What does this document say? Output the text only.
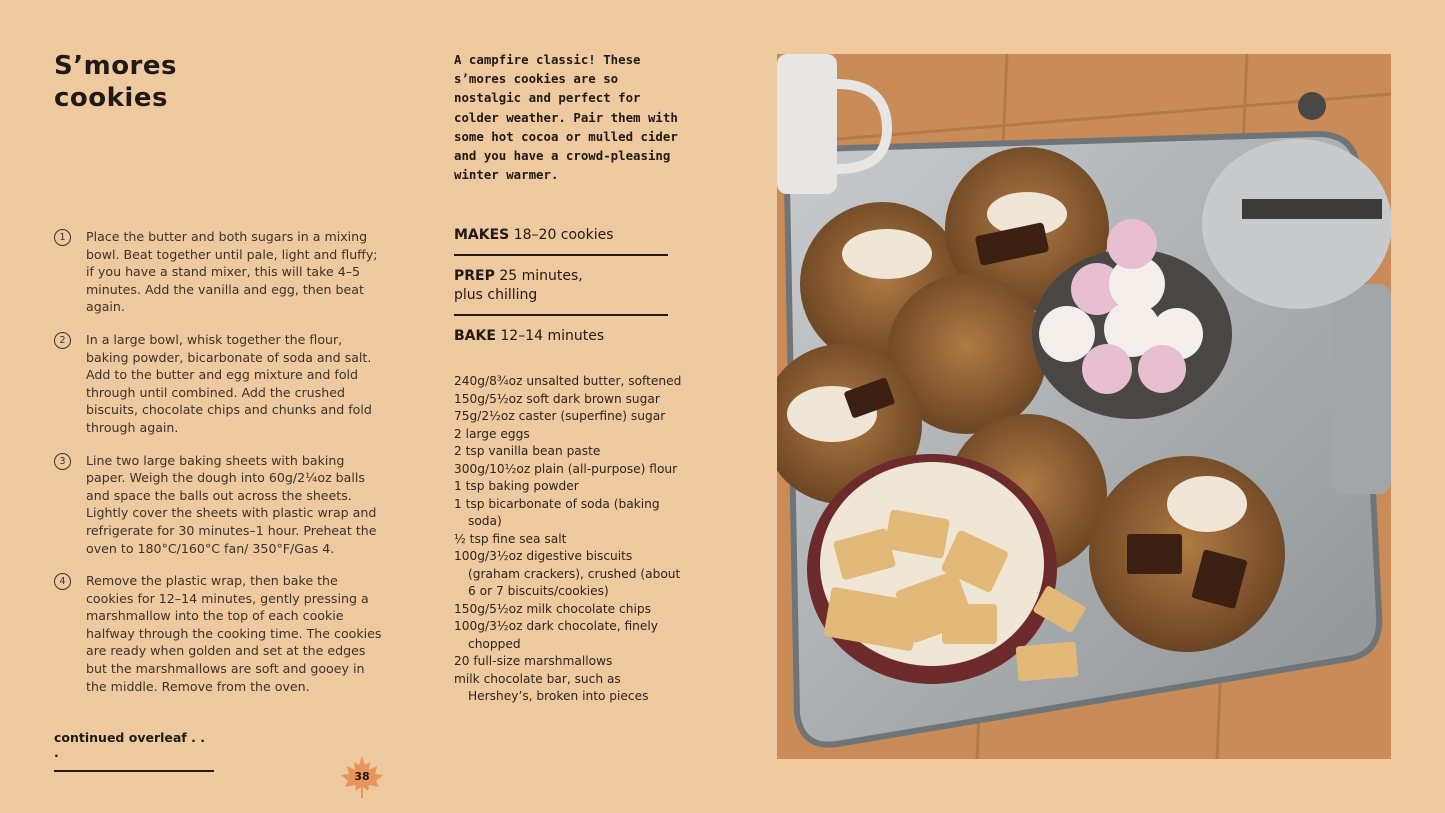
S’mores
cookies
1	Place the butter and both sugars in a mixing bowl. Beat together until pale, light and fluffy; if you have a stand mixer, this will take 4–5 minutes. Add the vanilla and egg, then beat again.
2	In a large bowl, whisk together the flour, baking powder, bicarbonate of soda and salt. Add to the butter and egg mixture and fold through until combined. Add the crushed biscuits, chocolate chips and chunks and fold through again.
3	Line two large baking sheets with baking paper. Weigh the dough into 60g/2¼oz balls and space the balls out across the sheets. Lightly cover the sheets with plastic wrap and refrigerate for 30 minutes–1 hour. Preheat the oven to 180°C/160°C fan/ 350°F/Gas 4.
4	Remove the plastic wrap, then bake the cookies for 12–14 minutes, gently pressing a marshmallow into the top of each cookie halfway through the cooking time. The cookies are ready when golden and set at the edges but the marshmallows are soft and gooey in the middle. Remove from the oven.
continued overleaf . . .
38

A campfire classic! These s’mores cookies are so nostalgic and perfect for colder weather. Pair them with some hot cocoa or mulled cider and you have a crowd-pleasing winter warmer.

MAKES 18–20 cookies
PREP 25 minutes,
plus chilling
BAKE 12–14 minutes
240g/8¾oz unsalted butter, softened
150g/5½oz soft dark brown sugar
75g/2½oz caster (superfine) sugar
2 large eggs
2 tsp vanilla bean paste
300g/10½oz plain (all-purpose) flour
1 tsp baking powder
1 tsp bicarbonate of soda (baking soda)
½ tsp fine sea salt
100g/3½oz digestive biscuits (graham crackers), crushed (about 6 or 7 biscuits/cookies)
150g/5½oz milk chocolate chips
100g/3½oz dark chocolate, finely chopped
20 full-size marshmallows
milk chocolate bar, such as Hershey’s, broken into pieces
